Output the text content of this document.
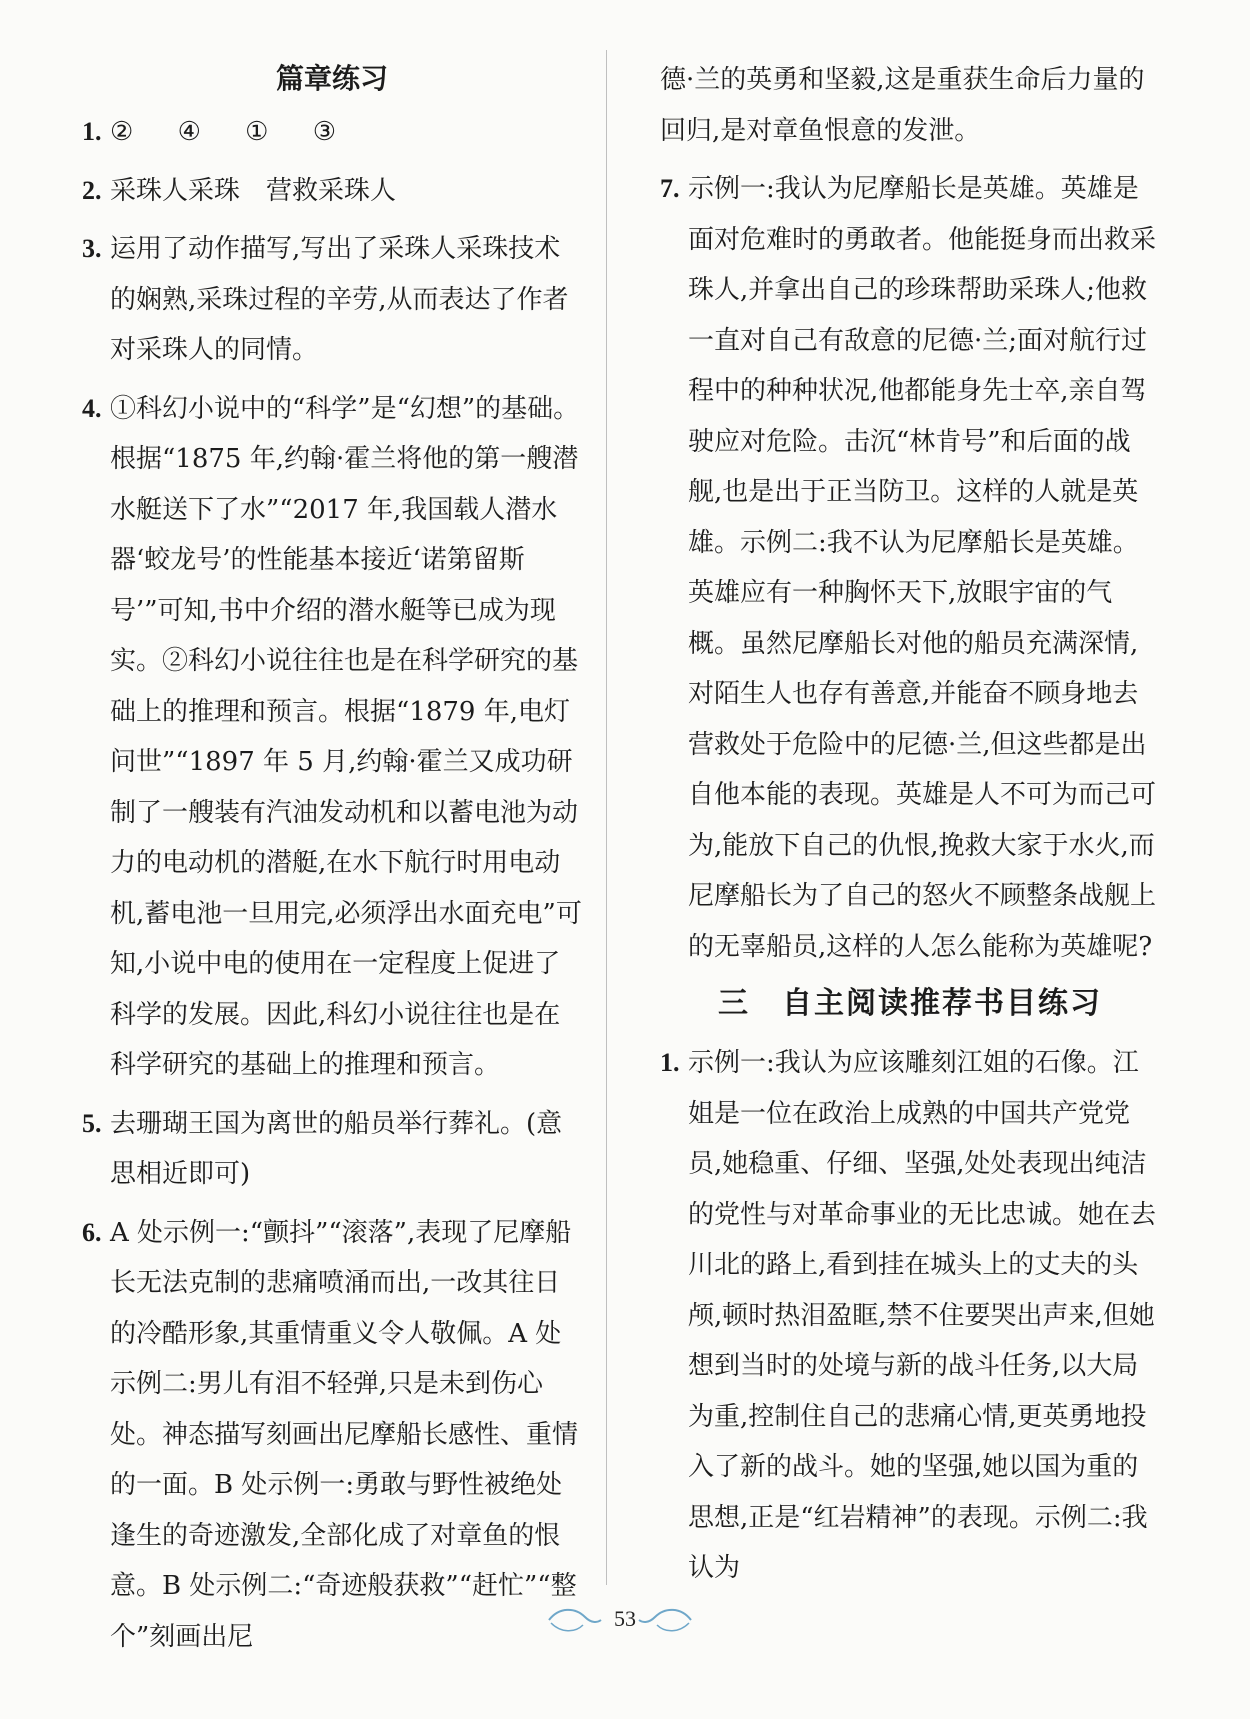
篇章练习
1. ② ④ ① ③
2. 采珠人采珠　营救采珠人
3. 运用了动作描写,写出了采珠人采珠技术的娴熟,采珠过程的辛劳,从而表达了作者对采珠人的同情。
4. ①科幻小说中的“科学”是“幻想”的基础。根据“1875 年,约翰·霍兰将他的第一艘潜水艇送下了水”“2017 年,我国载人潜水器‘蛟龙号’的性能基本接近‘诺第留斯号’”可知,书中介绍的潜水艇等已成为现实。②科幻小说往往也是在科学研究的基础上的推理和预言。根据“1879 年,电灯问世”“1897 年 5 月,约翰·霍兰又成功研制了一艘装有汽油发动机和以蓄电池为动力的电动机的潜艇,在水下航行时用电动机,蓄电池一旦用完,必须浮出水面充电”可知,小说中电的使用在一定程度上促进了科学的发展。因此,科幻小说往往也是在科学研究的基础上的推理和预言。
5. 去珊瑚王国为离世的船员举行葬礼。(意思相近即可)
6. A 处示例一:“颤抖”“滚落”,表现了尼摩船长无法克制的悲痛喷涌而出,一改其往日的冷酷形象,其重情重义令人敬佩。A 处示例二:男儿有泪不轻弹,只是未到伤心处。神态描写刻画出尼摩船长感性、重情的一面。B 处示例一:勇敢与野性被绝处逢生的奇迹激发,全部化成了对章鱼的恨意。B 处示例二:“奇迹般获救”“赶忙”“整个”刻画出尼
德·兰的英勇和坚毅,这是重获生命后力量的回归,是对章鱼恨意的发泄。
7. 示例一:我认为尼摩船长是英雄。英雄是面对危难时的勇敢者。他能挺身而出救采珠人,并拿出自己的珍珠帮助采珠人;他救一直对自己有敌意的尼德·兰;面对航行过程中的种种状况,他都能身先士卒,亲自驾驶应对危险。击沉“林肯号”和后面的战舰,也是出于正当防卫。这样的人就是英雄。示例二:我不认为尼摩船长是英雄。英雄应有一种胸怀天下,放眼宇宙的气概。虽然尼摩船长对他的船员充满深情,对陌生人也存有善意,并能奋不顾身地去营救处于危险中的尼德·兰,但这些都是出自他本能的表现。英雄是人不可为而己可为,能放下自己的仇恨,挽救大家于水火,而尼摩船长为了自己的怒火不顾整条战舰上的无辜船员,这样的人怎么能称为英雄呢?
三　自主阅读推荐书目练习
1. 示例一:我认为应该雕刻江姐的石像。江姐是一位在政治上成熟的中国共产党党员,她稳重、仔细、坚强,处处表现出纯洁的党性与对革命事业的无比忠诚。她在去川北的路上,看到挂在城头上的丈夫的头颅,顿时热泪盈眶,禁不住要哭出声来,但她想到当时的处境与新的战斗任务,以大局为重,控制住自己的悲痛心情,更英勇地投入了新的战斗。她的坚强,她以国为重的思想,正是“红岩精神”的表现。示例二:我认为
53
